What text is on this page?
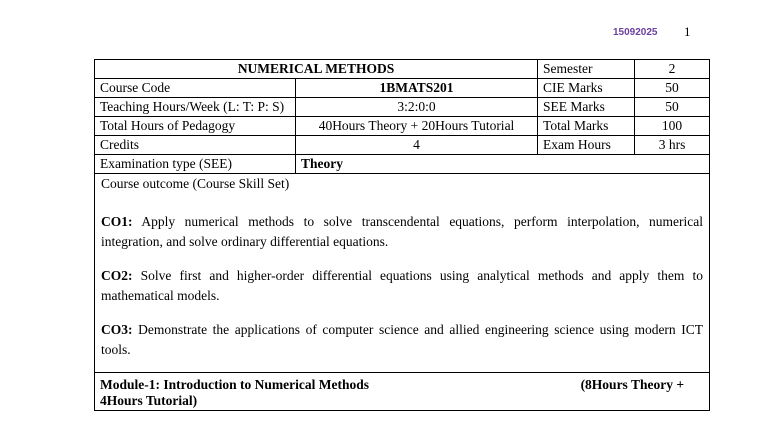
15092025 1
NUMERICAL METHODS		Semester	2
Course Code	1BMATS201	CIE Marks	50
Teaching Hours/Week (L: T: P: S)	3:2:0:0	SEE Marks	50
Total Hours of Pedagogy	40Hours Theory + 20Hours Tutorial	Total Marks	100
Credits	4	Exam Hours	3 hrs
Examination type (SEE)	Theory		

Course outcome (Course Skill Set)

CO1: Apply numerical methods to solve transcendental equations, perform interpolation, numerical integration, and solve ordinary differential equations.

CO2: Solve first and higher-order differential equations using analytical methods and apply them to mathematical models.

CO3: Demonstrate the applications of computer science and allied engineering science using modern ICT tools.			

Module-1: Introduction to Numerical Methods (8Hours Theory +
4Hours Tutorial)			
